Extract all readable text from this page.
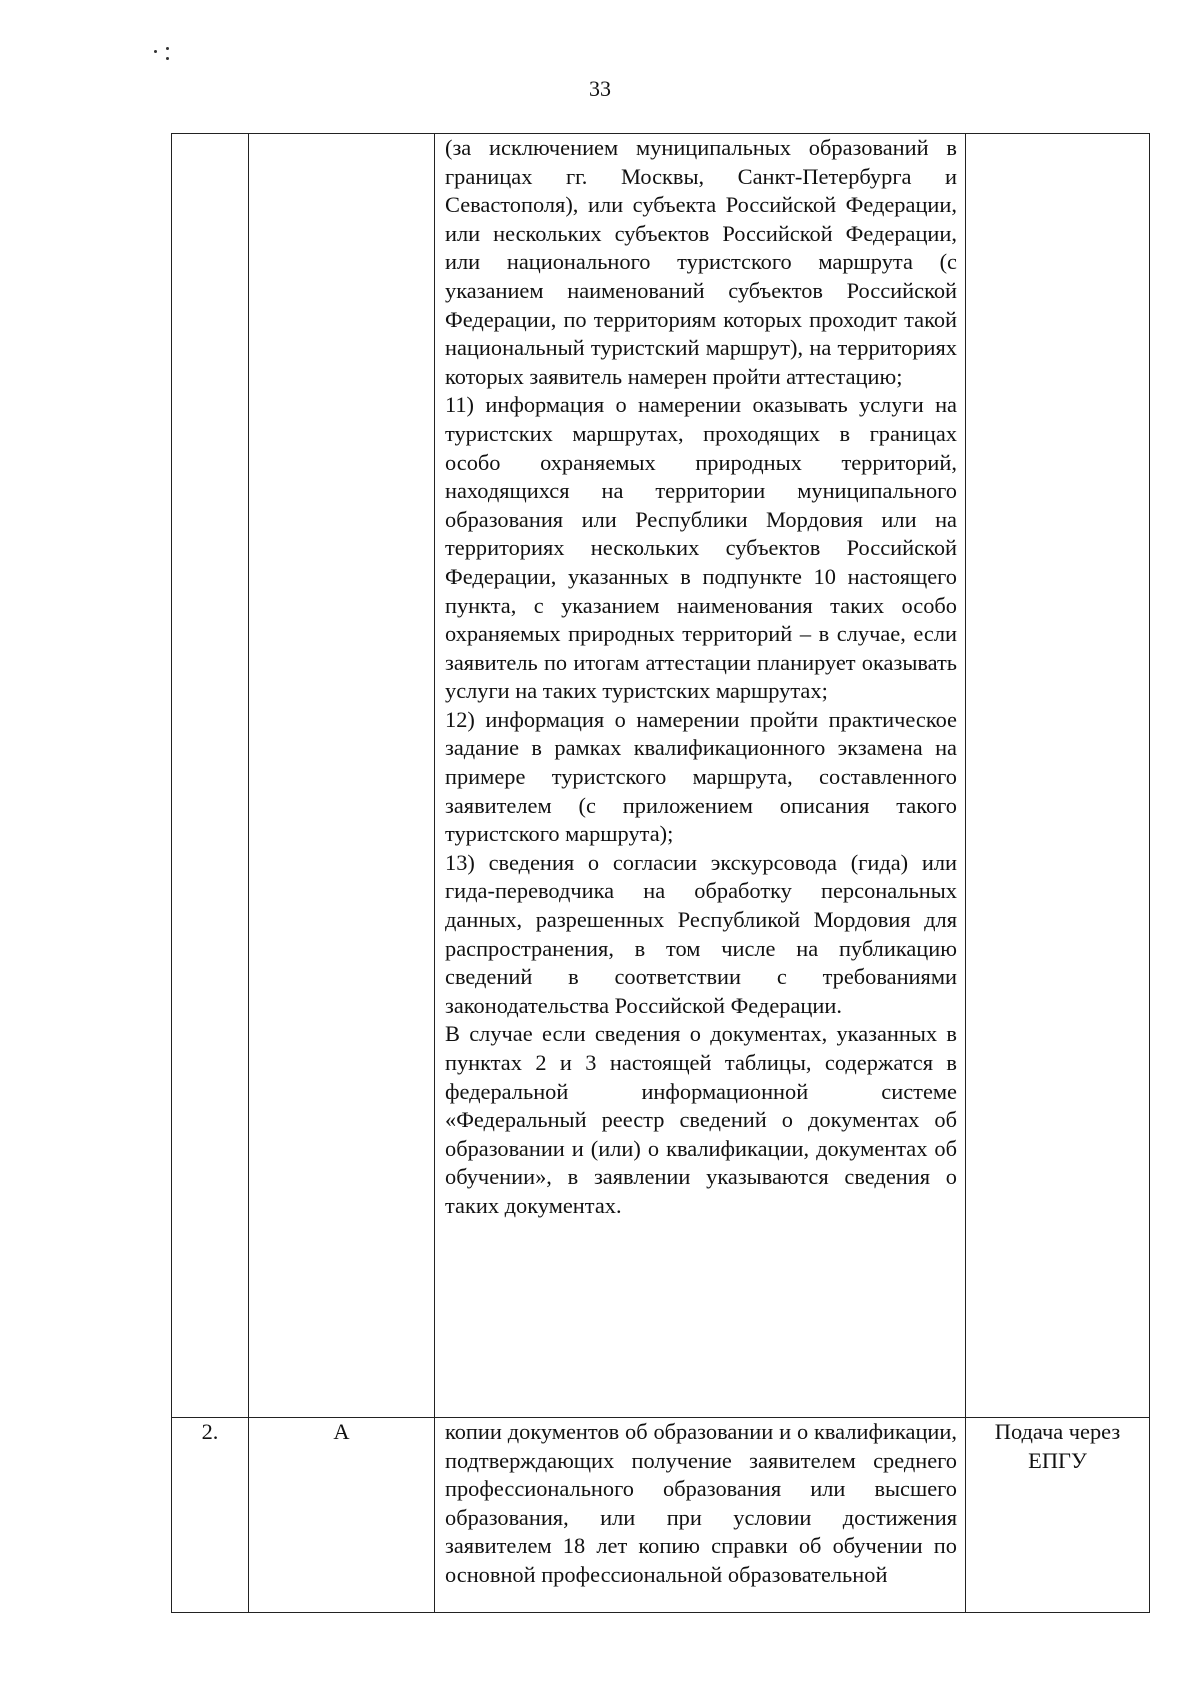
33

		(за исключением муниципальных образований в границах гг. Москвы, Санкт-Петербурга и Севастополя), или субъекта Российской Федерации, или нескольких субъектов Российской Федерации, или национального туристского маршрута (с указанием наименований субъектов Российской Федерации, по территориям которых проходит такой национальный туристский маршрут), на территориях которых заявитель намерен пройти аттестацию;

11) информация о намерении оказывать услуги на туристских маршрутах, проходящих в границах особо охраняемых природных территорий, находящихся на территории муниципального образования или Республики Мордовия или на территориях нескольких субъектов Российской Федерации, указанных в подпункте 10 настоящего пункта, с указанием наименования таких особо охраняемых природных территорий – в случае, если заявитель по итогам аттестации планирует оказывать услуги на таких туристских маршрутах;

12) информация о намерении пройти практическое задание в рамках квалификационного экзамена на примере туристского маршрута, составленного заявителем (с приложением описания такого туристского маршрута);

13) сведения о согласии экскурсовода (гида) или гида-переводчика на обработку персональных данных, разрешенных Республикой Мордовия для распространения, в том числе на публикацию сведений в соответствии с требованиями законодательства Российской Федерации.

В случае если сведения о документах, указанных в пунктах 2 и 3 настоящей таблицы, содержатся в федеральной информационной системе «Федеральный реестр сведений о документах об образовании и (или) о квалификации, документах об обучении», в заявлении указываются сведения о таких документах.	

2.	А	копии документов об образовании и о квалификации, подтверждающих получение заявителем среднего профессионального образования или высшего образования, или при условии достижения заявителем 18 лет копию справки об обучении по основной профессиональной образовательной	Подача через ЕПГУ
